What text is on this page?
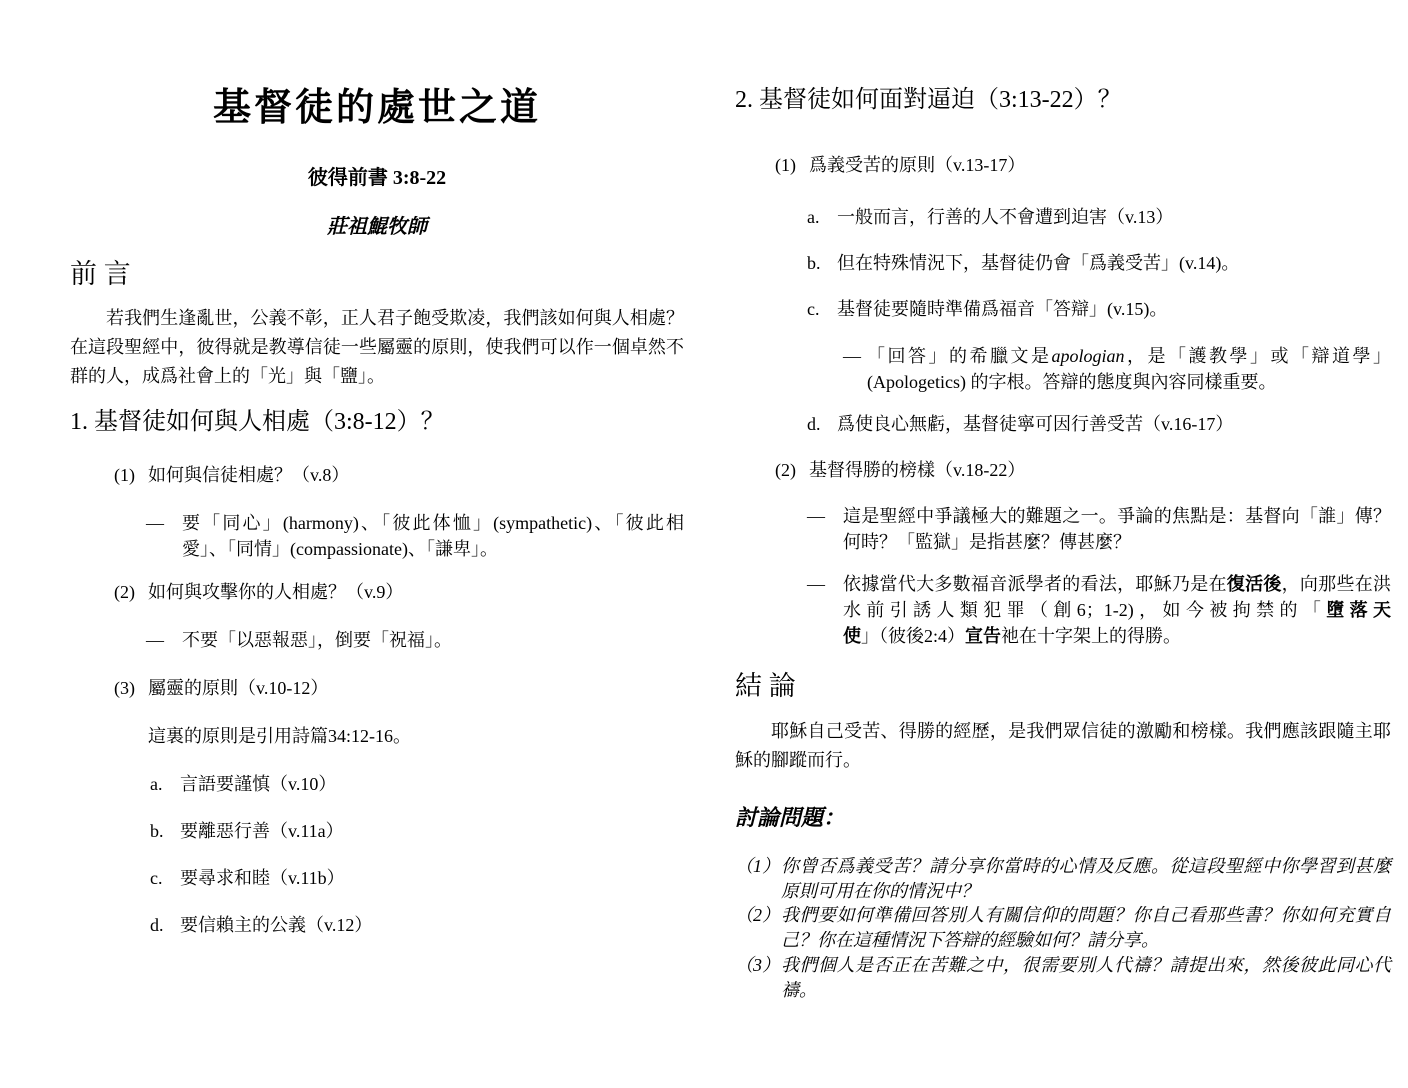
基督徒的處世之道
彼得前書 3:8-22
莊祖鯤牧師
前 言
若我們生逢亂世，公義不彰，正人君子飽受欺凌，我們該如何與人相處？在這段聖經中，彼得就是教導信徒一些屬靈的原則，使我們可以作一個卓然不群的人，成爲社會上的「光」與「鹽」。
1. 基督徒如何與人相處（3:8-12）？
(1) 如何與信徒相處？（v.8）
—	要「同心」(harmony)、「彼此体恤」(sympathetic)、「彼此相愛」、「同情」(compassionate)、「謙卑」。
(2) 如何與攻擊你的人相處？（v.9）
—	不要「以惡報惡」，倒要「祝福」。
(3) 屬靈的原則（v.10-12）
這裏的原則是引用詩篇34:12-16。
a. 言語要謹慎（v.10）
b. 要離惡行善（v.11a）
c. 要尋求和睦（v.11b）
d. 要信賴主的公義（v.12）
2. 基督徒如何面對逼迫（3:13-22）？
(1) 爲義受苦的原則（v.13-17）
a. 一般而言，行善的人不會遭到迫害（v.13）
b. 但在特殊情況下，基督徒仍會「爲義受苦」(v.14)。
c. 基督徒要隨時準備爲福音「答辯」(v.15)。
— 「回答」的希臘文是apologian，是「護教學」或「辯道學」 (Apologetics) 的字根。答辯的態度與內容同樣重要。
d. 爲使良心無虧，基督徒寧可因行善受苦（v.16-17）
(2) 基督得勝的榜樣（v.18-22）
—	這是聖經中爭議極大的難題之一。爭論的焦點是：基督向「誰」傳？何時？「監獄」是指甚麼？傳甚麼？
—	依據當代大多數福音派學者的看法，耶穌乃是在復活後，向那些在洪水前引誘人類犯罪（創6；1-2)，如今被拘禁的「墮落天使」（彼後2:4）宣告祂在十字架上的得勝。
結 論
耶穌自己受苦、得勝的經歷，是我們眾信徒的激勵和榜樣。我們應該跟隨主耶穌的腳蹤而行。
討論問題：
（1） 你曾否爲義受苦？請分享你當時的心情及反應。從這段聖經中你學習到甚麼原則可用在你的情況中？
（2） 我們要如何準備回答別人有關信仰的問題？你自己看那些書？你如何充實自己？你在這種情況下答辯的經驗如何？請分享。
（3） 我們個人是否正在苦難之中，很需要別人代禱？請提出來，然後彼此同心代禱。
